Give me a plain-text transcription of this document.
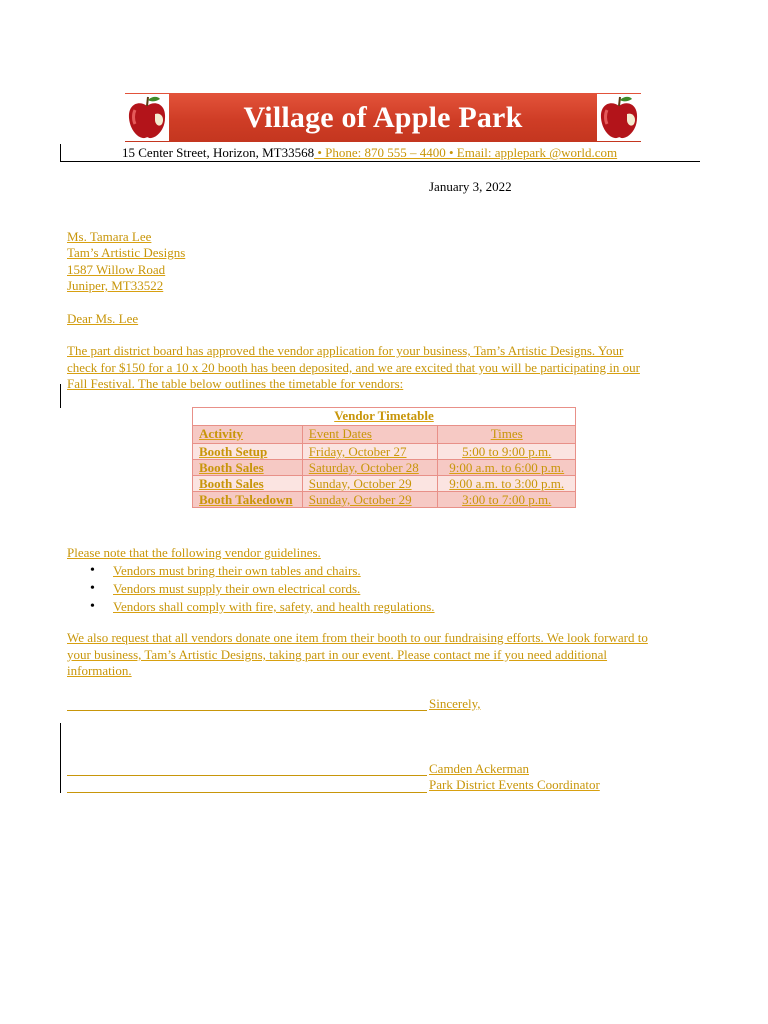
Village of Apple Park
15 Center Street, Horizon, MT33568 • Phone: 870 555 – 4400 • Email: applepark @world.com
January 3, 2022
Ms. Tamara Lee
Tam’s Artistic Designs
1587 Willow Road
Juniper, MT33522
Dear Ms. Lee
The part district board has approved the vendor application for your business, Tam’s Artistic Designs. Your
check for $150 for a 10 x 20 booth has been deposited, and we are excited that you will be participating in our
Fall Festival. The table below outlines the timetable for vendors:
Vendor Timetable		
Activity	Event Dates	Times
Booth Setup	Friday, October 27	5:00 to 9:00 p.m.
Booth Sales	Saturday, October 28	9:00 a.m. to 6:00 p.m.
Booth Sales	Sunday, October 29	9:00 a.m. to 3:00 p.m.
Booth Takedown	Sunday, October 29	3:00 to 7:00 p.m.
Please note that the following vendor guidelines.
• Vendors must bring their own tables and chairs.
• Vendors must supply their own electrical cords.
• Vendors shall comply with fire, safety, and health regulations.
We also request that all vendors donate one item from their booth to our fundraising efforts. We look forward to
your business, Tam’s Artistic Designs, taking part in our event. Please contact me if you need additional
information.
Sincerely,
Camden Ackerman
Park District Events Coordinator
